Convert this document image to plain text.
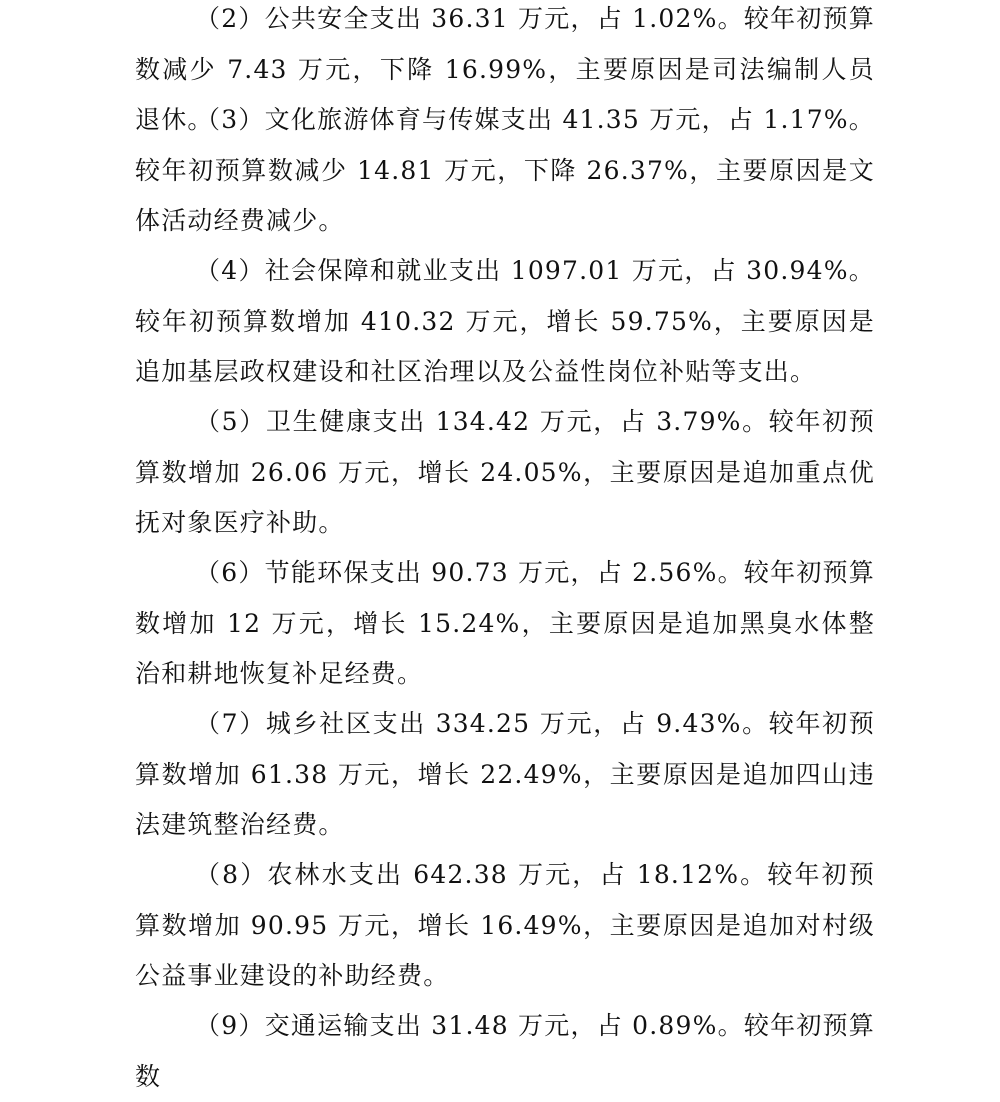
（2）公共安全支出 36.31 万元，占 1.02%。较年初预算数减少 7.43 万元，下降 16.99%，主要原因是司法编制人员退休。

（3）文化旅游体育与传媒支出 41.35 万元，占 1.17%。较年初预算数减少 14.81 万元，下降 26.37%，主要原因是文体活动经费减少。

（4）社会保障和就业支出 1097.01 万元，占 30.94%。较年初预算数增加 410.32 万元，增长 59.75%，主要原因是追加基层政权建设和社区治理以及公益性岗位补贴等支出。

（5）卫生健康支出 134.42 万元，占 3.79%。较年初预算数增加 26.06 万元，增长 24.05%，主要原因是追加重点优抚对象医疗补助。

（6）节能环保支出 90.73 万元，占 2.56%。较年初预算数增加 12 万元，增长 15.24%，主要原因是追加黑臭水体整治和耕地恢复补足经费。

（7）城乡社区支出 334.25 万元，占 9.43%。较年初预算数增加 61.38 万元，增长 22.49%，主要原因是追加四山违法建筑整治经费。

（8）农林水支出 642.38 万元，占 18.12%。较年初预算数增加 90.95 万元，增长 16.49%，主要原因是追加对村级公益事业建设的补助经费。

（9）交通运输支出 31.48 万元，占 0.89%。较年初预算数
